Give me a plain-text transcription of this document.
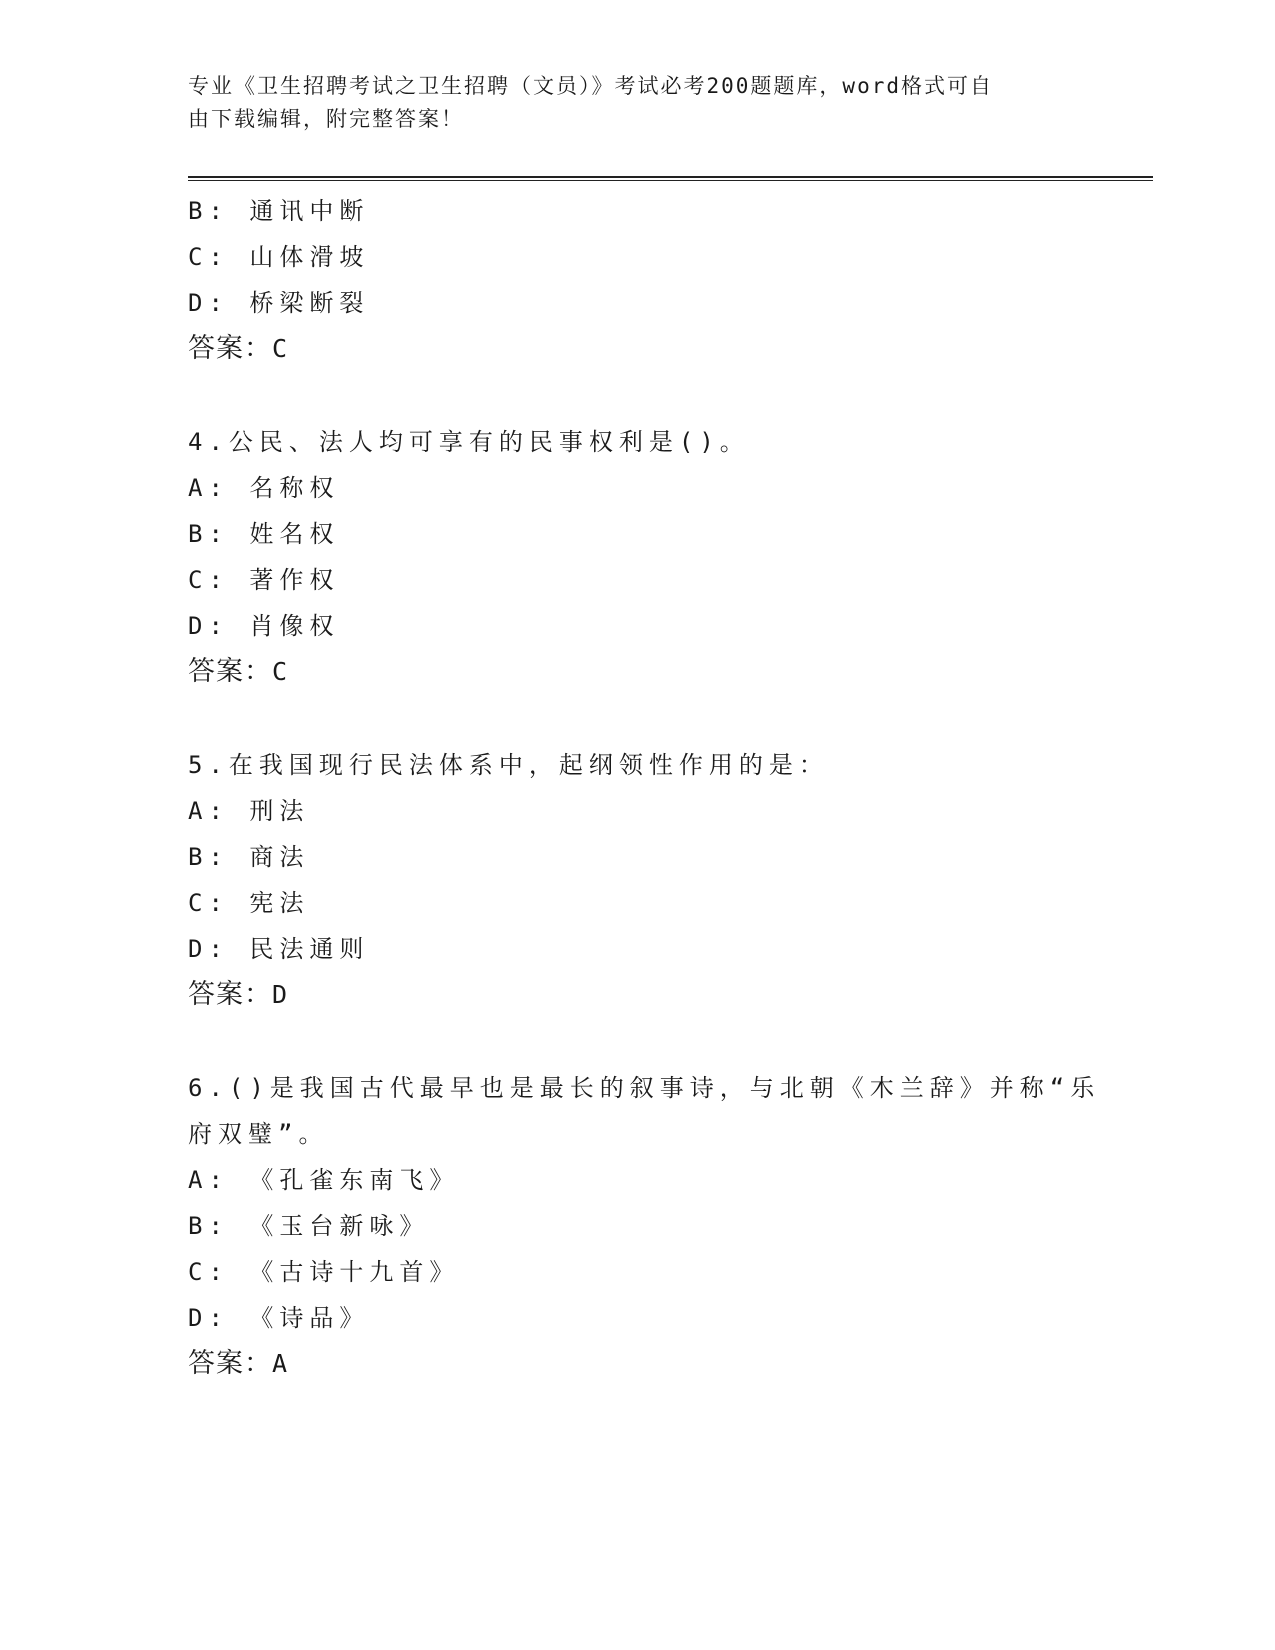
专业《卫生招聘考试之卫生招聘（文员）》考试必考200题题库，word格式可自
由下载编辑，附完整答案！
B: 通讯中断
C: 山体滑坡
D: 桥梁断裂
答案：C
4.公民、法人均可享有的民事权利是()。
A: 名称权
B: 姓名权
C: 著作权
D: 肖像权
答案：C
5.在我国现行民法体系中，起纲领性作用的是：
A: 刑法
B: 商法
C: 宪法
D: 民法通则
答案：D
6.()是我国古代最早也是最长的叙事诗，与北朝《木兰辞》并称“乐
府双璧”。
A: 《孔雀东南飞》
B: 《玉台新咏》
C: 《古诗十九首》
D: 《诗品》
答案：A
